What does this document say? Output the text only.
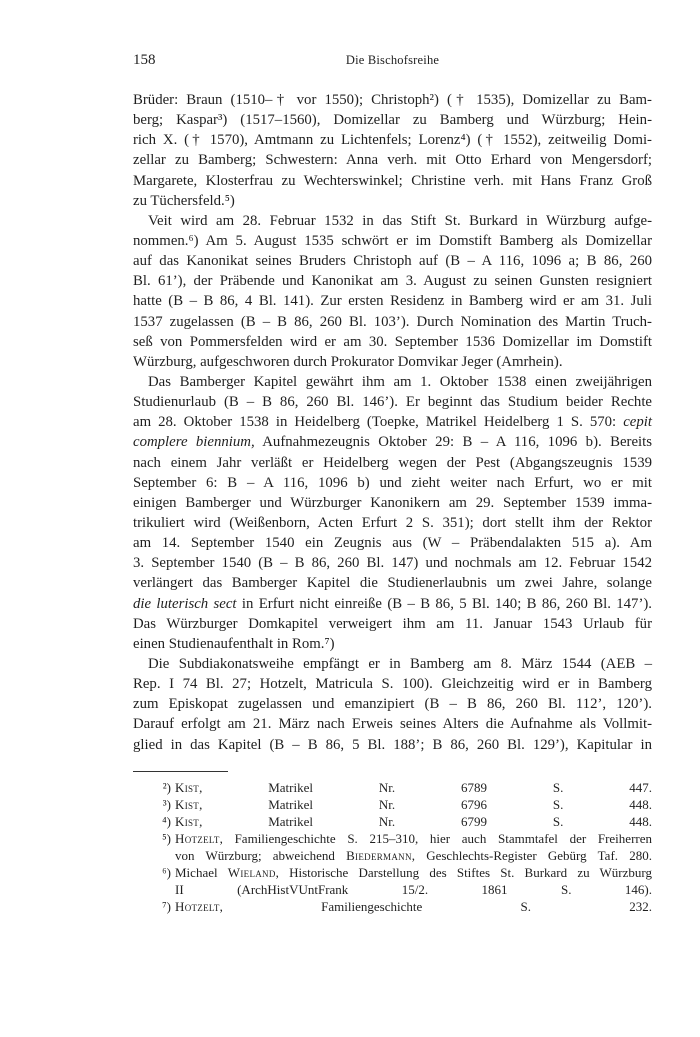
158	Die Bischofsreihe
Brüder: Braun (1510–† vor 1550); Christoph²) († 1535), Domizellar zu Bam-
berg; Kaspar³) (1517–1560), Domizellar zu Bamberg und Würzburg; Hein-
rich X. († 1570), Amtmann zu Lichtenfels; Lorenz⁴) († 1552), zeitweilig Domi-
zellar zu Bamberg; Schwestern: Anna verh. mit Otto Erhard von Mengersdorf;
Margarete, Klosterfrau zu Wechterswinkel; Christine verh. mit Hans Franz Groß
zu Tüchersfeld.⁵)
Veit wird am 28. Februar 1532 in das Stift St. Burkard in Würzburg aufge-
nommen.⁶) Am 5. August 1535 schwört er im Domstift Bamberg als Domizellar
auf das Kanonikat seines Bruders Christoph auf (B – A 116, 1096 a; B 86, 260
Bl. 61’), der Präbende und Kanonikat am 3. August zu seinen Gunsten resigniert
hatte (B – B 86, 4 Bl. 141). Zur ersten Residenz in Bamberg wird er am 31. Juli
1537 zugelassen (B – B 86, 260 Bl. 103’). Durch Nomination des Martin Truch-
seß von Pommersfelden wird er am 30. September 1536 Domizellar im Domstift
Würzburg, aufgeschworen durch Prokurator Domvikar Jeger (Amrhein).
Das Bamberger Kapitel gewährt ihm am 1. Oktober 1538 einen zweijährigen
Studienurlaub (B – B 86, 260 Bl. 146’). Er beginnt das Studium beider Rechte
am 28. Oktober 1538 in Heidelberg (Toepke, Matrikel Heidelberg 1 S. 570: cepit
complere biennium, Aufnahmezeugnis Oktober 29: B – A 116, 1096 b). Bereits
nach einem Jahr verläßt er Heidelberg wegen der Pest (Abgangszeugnis 1539
September 6: B – A 116, 1096 b) und zieht weiter nach Erfurt, wo er mit
einigen Bamberger und Würzburger Kanonikern am 29. September 1539 imma-
trikuliert wird (Weißenborn, Acten Erfurt 2 S. 351); dort stellt ihm der Rektor
am 14. September 1540 ein Zeugnis aus (W – Präbendalakten 515 a). Am
3. September 1540 (B – B 86, 260 Bl. 147) und nochmals am 12. Februar 1542
verlängert das Bamberger Kapitel die Studienerlaubnis um zwei Jahre, solange
die luterisch sect in Erfurt nicht einreiße (B – B 86, 5 Bl. 140; B 86, 260 Bl. 147’).
Das Würzburger Domkapitel verweigert ihm am 11. Januar 1543 Urlaub für
einen Studienaufenthalt in Rom.⁷)
Die Subdiakonatsweihe empfängt er in Bamberg am 8. März 1544 (AEB –
Rep. I 74 Bl. 27; Hotzelt, Matricula S. 100). Gleichzeitig wird er in Bamberg
zum Episkopat zugelassen und emanzipiert (B – B 86, 260 Bl. 112’, 120’).
Darauf erfolgt am 21. März nach Erweis seines Alters die Aufnahme als Vollmit-
glied in das Kapitel (B – B 86, 5 Bl. 188’; B 86, 260 Bl. 129’), Kapitular in
²) Kist, Matrikel Nr. 6789 S. 447.
³) Kist, Matrikel Nr. 6796 S. 448.
⁴) Kist, Matrikel Nr. 6799 S. 448.
⁵) Hotzelt, Familiengeschichte S. 215–310, hier auch Stammtafel der Freiherren
von Würzburg; abweichend Biedermann, Geschlechts-Register Gebürg Taf. 280.
⁶) Michael Wieland, Historische Darstellung des Stiftes St. Burkard zu Würzburg
II (ArchHistVUntFrank 15/2. 1861 S. 146).
⁷) Hotzelt, Familiengeschichte S. 232.
